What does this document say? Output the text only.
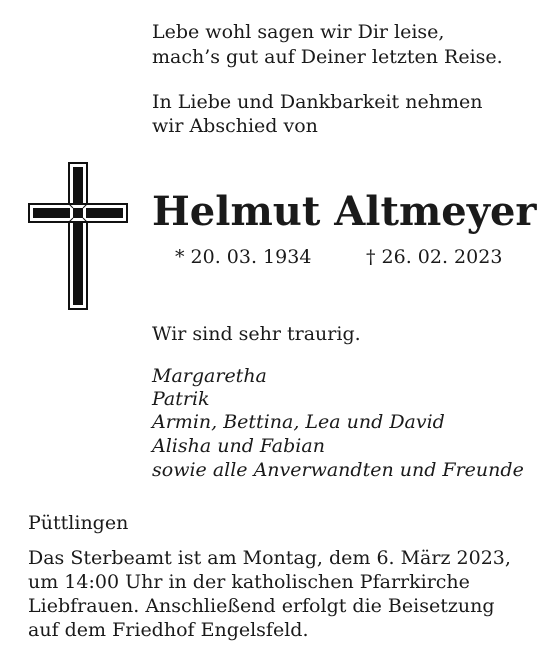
Lebe wohl sagen wir Dir leise,
mach’s gut auf Deiner letzten Reise.
In Liebe und Dankbarkeit nehmen
wir Abschied von
Helmut Altmeyer
* 20. 03. 1934	† 26. 02. 2023
Wir sind sehr traurig.
Margaretha
Patrik
Armin, Bettina, Lea und David
Alisha und Fabian
sowie alle Anverwandten und Freunde
Püttlingen
Das Sterbeamt ist am Montag, dem 6. März 2023,
um 14:00 Uhr in der katholischen Pfarrkirche
Liebfrauen. Anschließend erfolgt die Beisetzung
auf dem Friedhof Engelsfeld.
